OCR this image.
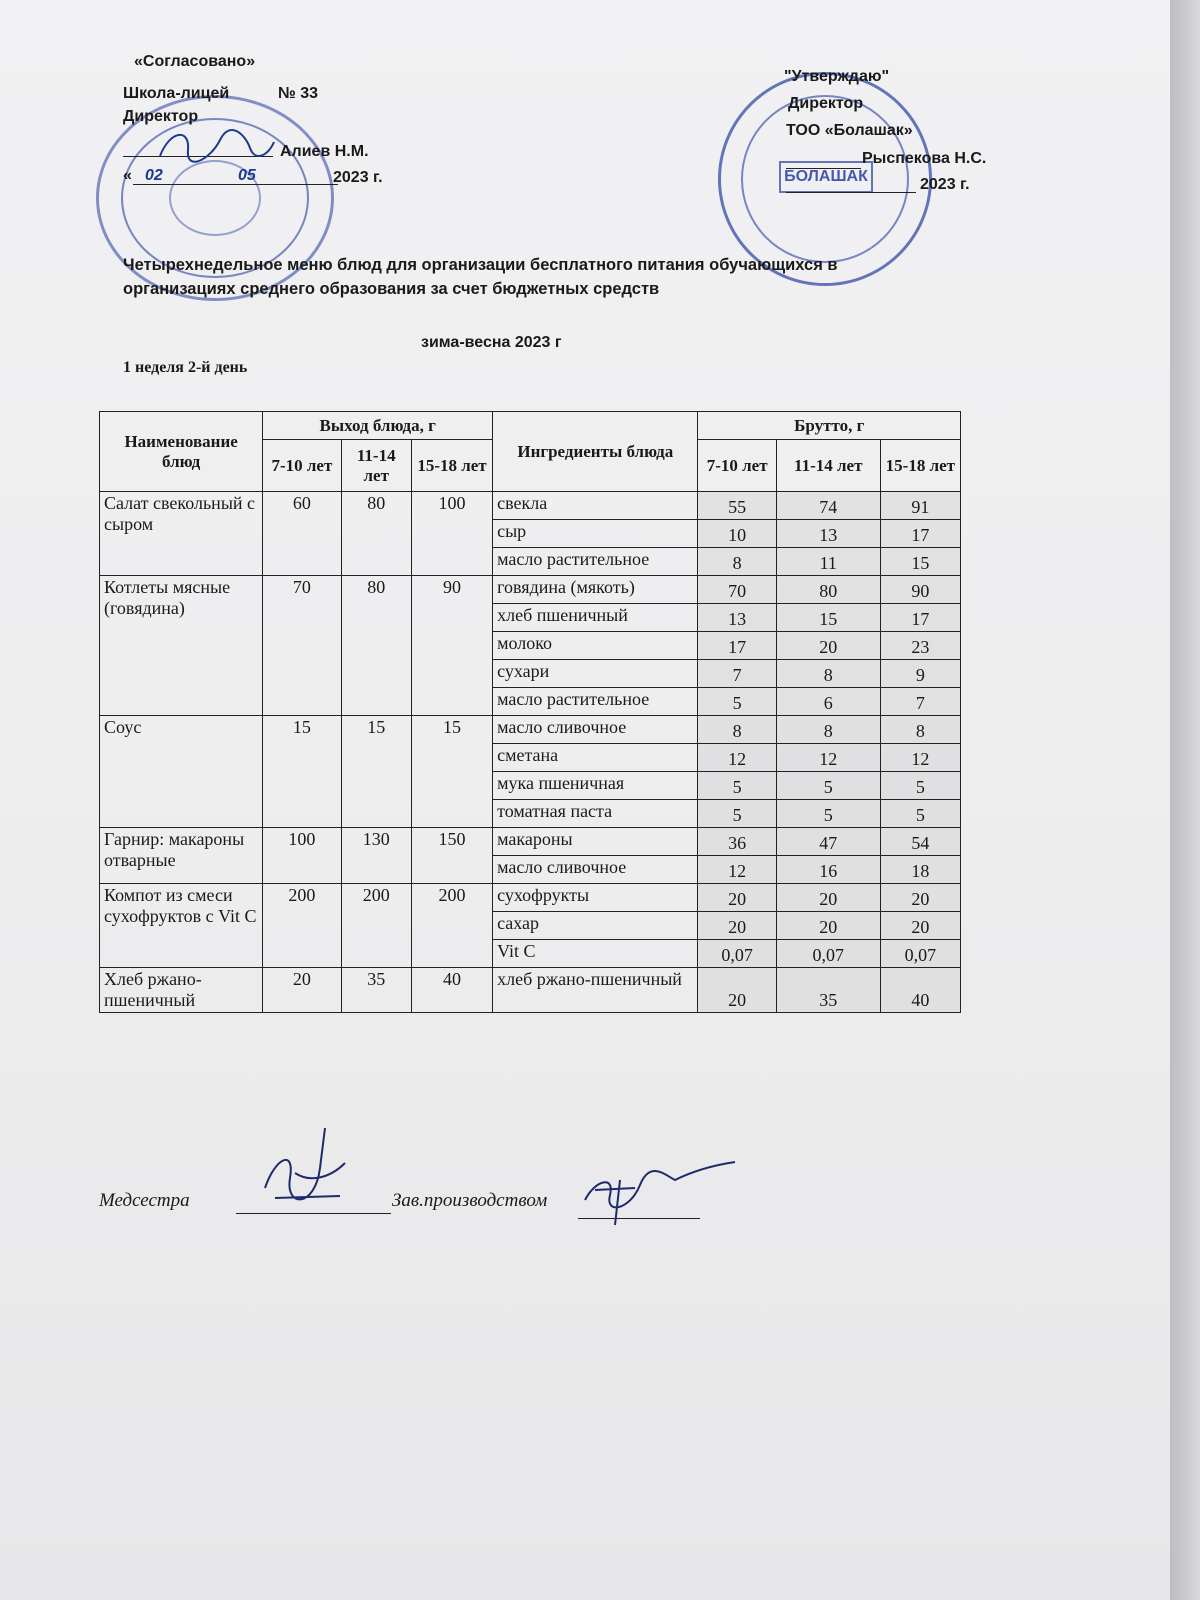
БОЛАШАК
«Согласовано»
Школа-лицей	№ 33
Директор
Алиев Н.М.
« 02	05	2023 г.
"Утверждаю"
Директор
ТОО «Болашак»
Рыспекова Н.С.
2023 г.
Четырехнедельное меню блюд для организации бесплатного питания обучающихся в
организациях среднего образования за счет бюджетных средств
зима-весна 2023 г
1 неделя 2-й день
Наименование блюд	Выход блюда, г			Ингредиенты блюда	Брутто, г		
	7-10 лет	11-14 лет	15-18 лет		7-10 лет	11-14 лет	15-18 лет
Салат свекольный с сыром	60	80	100	свекла	55	74	91
				сыр	10	13	17
				масло растительное	8	11	15
Котлеты мясные (говядина)	70	80	90	говядина (мякоть)	70	80	90
				хлеб пшеничный	13	15	17
				молоко	17	20	23
				сухари	7	8	9
				масло растительное	5	6	7
Соус	15	15	15	масло сливочное	8	8	8
				сметана	12	12	12
				мука пшеничная	5	5	5
				томатная паста	5	5	5
Гарнир: макароны отварные	100	130	150	макароны	36	47	54
				масло сливочное	12	16	18
Компот из смеси сухофруктов с Vit C	200	200	200	сухофрукты	20	20	20
				сахар	20	20	20
				Vit C	0,07	0,07	0,07
Хлеб ржано-пшеничный	20	35	40	хлеб ржано-пшеничный	20	35	40
Медсестра	Зав.производством
